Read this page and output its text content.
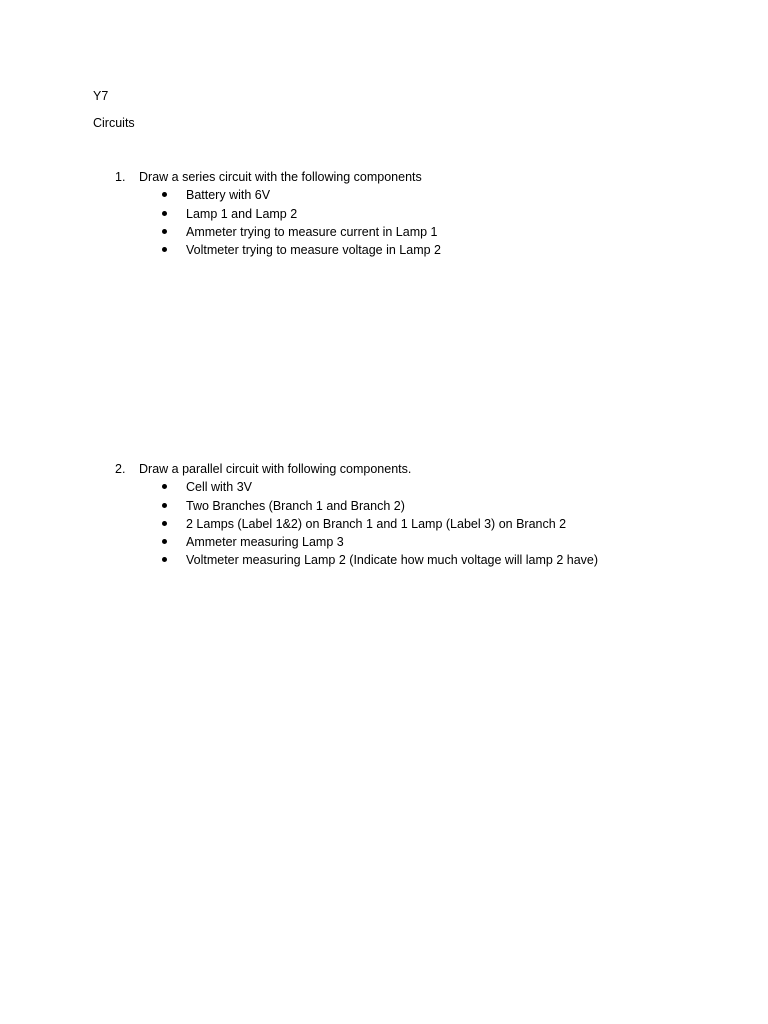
Y7
Circuits
1. Draw a series circuit with the following components
Battery with 6V
Lamp 1 and Lamp 2
Ammeter trying to measure current in Lamp 1
Voltmeter trying to measure voltage in Lamp 2
2. Draw a parallel circuit with following components.
Cell with 3V
Two Branches (Branch 1 and Branch 2)
2 Lamps (Label 1&2) on Branch 1 and 1 Lamp (Label 3) on Branch 2
Ammeter measuring Lamp 3
Voltmeter measuring Lamp 2 (Indicate how much voltage will lamp 2 have)
